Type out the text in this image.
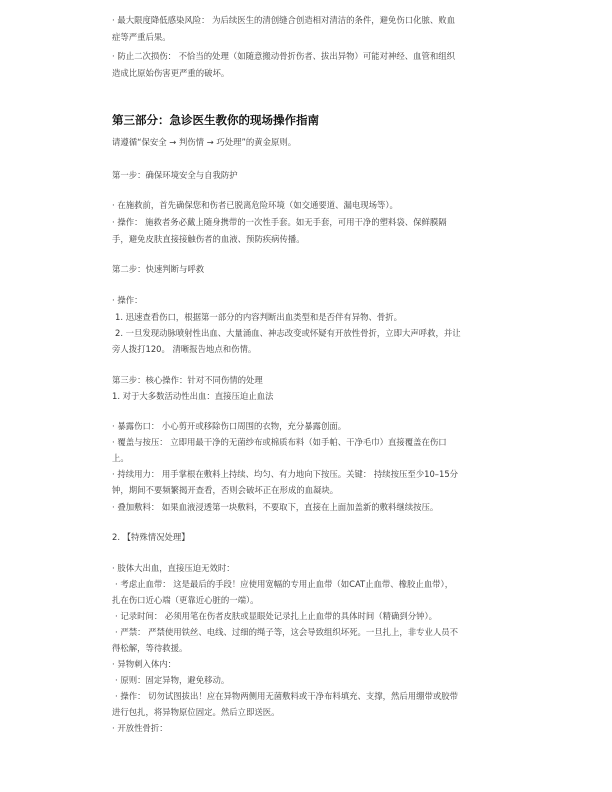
· 最大限度降低感染风险： 为后续医生的清创缝合创造相对清洁的条件，避免伤口化脓、败血

症等严重后果。

· 防止二次损伤： 不恰当的处理（如随意搬动骨折伤者、拔出异物）可能对神经、血管和组织

造成比原始伤害更严重的破坏。

第三部分：急诊医生教你的现场操作指南

请遵循“保安全 → 判伤情 → 巧处理”的黄金原则。

第一步：确保环境安全与自我防护

· 在施救前，首先确保您和伤者已脱离危险环境（如交通要道、漏电现场等）。

· 操作： 施救者务必戴上随身携带的一次性手套。如无手套，可用干净的塑料袋、保鲜膜隔

手，避免皮肤直接接触伤者的血液、预防疾病传播。

第二步：快速判断与呼救

· 操作：

1. 迅速查看伤口，根据第一部分的内容判断出血类型和是否伴有异物、骨折。

2. 一旦发现动脉喷射性出血、大量涌血、神志改变或怀疑有开放性骨折，立即大声呼救，并让

旁人拨打120。 清晰报告地点和伤情。

第三步：核心操作：针对不同伤情的处理

1. 对于大多数活动性出血：直接压迫止血法

· 暴露伤口： 小心剪开或移除伤口周围的衣物，充分暴露创面。

· 覆盖与按压： 立即用最干净的无菌纱布或棉质布料（如手帕、干净毛巾）直接覆盖在伤口

上。

· 持续用力： 用手掌根在敷料上持续、均匀、有力地向下按压。关键： 持续按压至少10–15分

钟，期间不要频繁揭开查看，否则会破坏正在形成的血凝块。

· 叠加敷料： 如果血液浸透第一块敷料，不要取下，直接在上面加盖新的敷料继续按压。

2. 【特殊情况处理】

· 肢体大出血，直接压迫无效时：

· 考虑止血带： 这是最后的手段！应使用宽幅的专用止血带（如CAT止血带、橡胶止血带），

扎在伤口近心端（更靠近心脏的一端）。

· 记录时间： 必须用笔在伤者皮肤或显眼处记录扎上止血带的具体时间（精确到分钟）。

· 严禁： 严禁使用铁丝、电线、过细的绳子等，这会导致组织坏死。一旦扎上，非专业人员不

得松解，等待救援。

· 异物刺入体内：

· 原则：固定异物，避免移动。

· 操作： 切勿试图拔出！应在异物两侧用无菌敷料或干净布料填充、支撑，然后用绷带或胶带

进行包扎，将异物原位固定。然后立即送医。

· 开放性骨折：
